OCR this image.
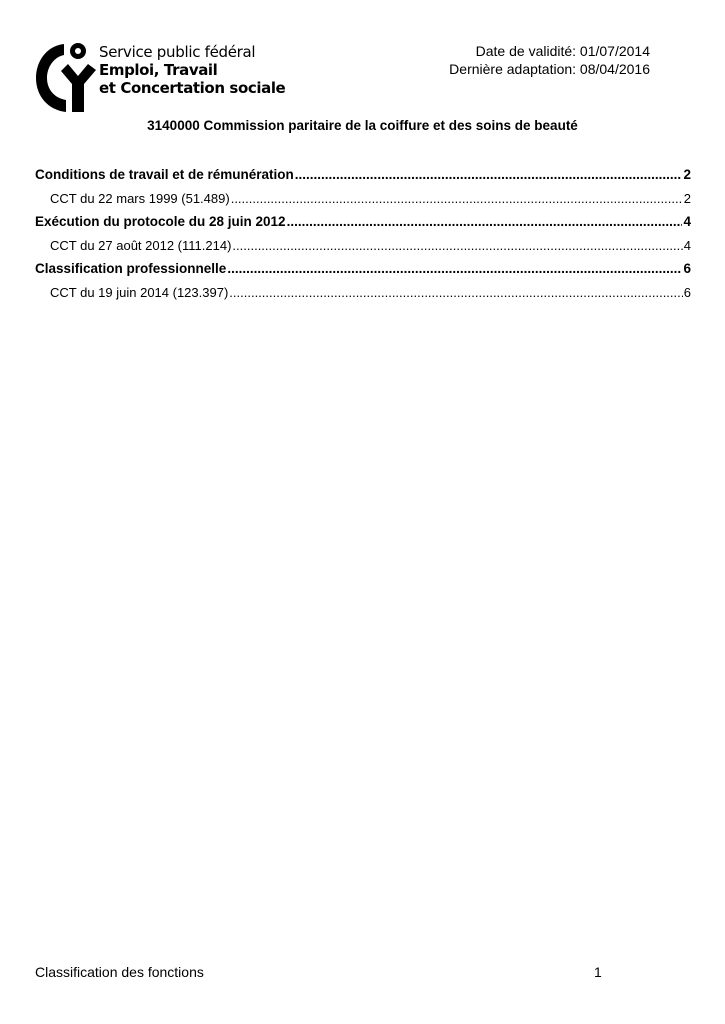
Service public fédéral
Emploi, Travail
et Concertation sociale
Date de validité: 01/07/2014
Dernière adaptation: 08/04/2016
3140000 Commission paritaire de la coiffure et des soins de beauté
Conditions de travail et de rémunération .....	2
CCT du 22 mars 1999 (51.489) .....	2
Exécution du protocole du 28 juin 2012 .....	4
CCT du 27 août 2012 (111.214) .....	4
Classification professionnelle .....	6
CCT du 19 juin 2014 (123.397) .....	6
Classification des fonctions	1
